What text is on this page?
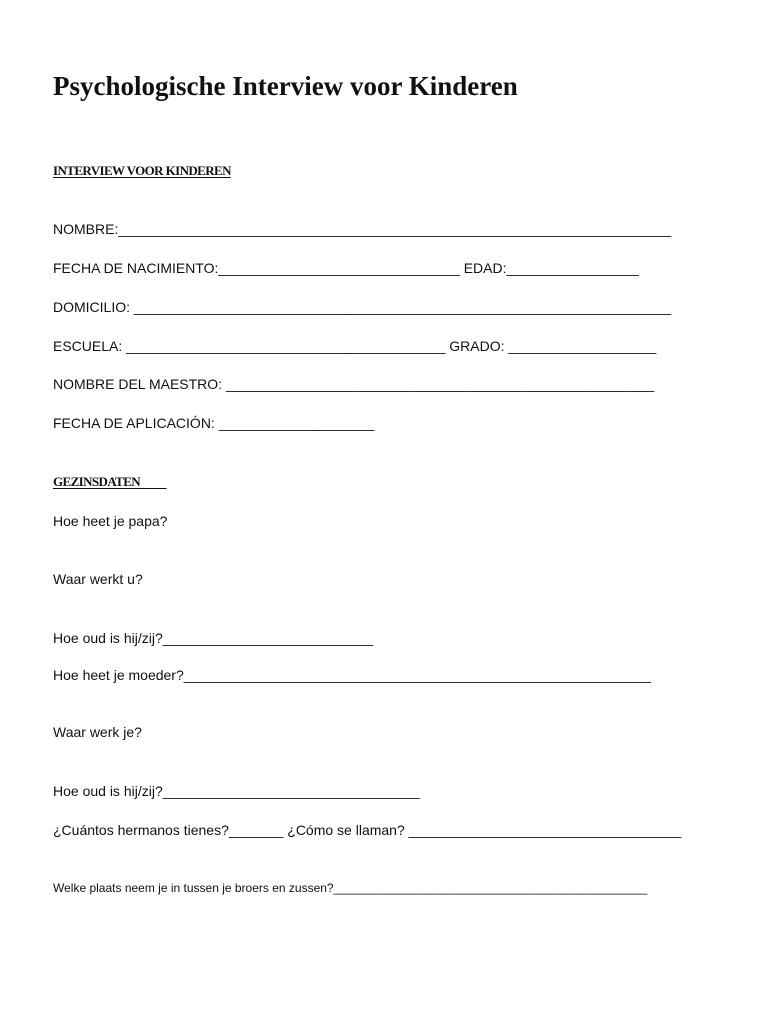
Psychologische Interview voor Kinderen
INTERVIEW VOOR KINDEREN

NOMBRE:_______________________________________________________________________

FECHA DE NACIMIENTO:_______________________________ EDAD:_________________

DOMICILIO: _____________________________________________________________________

ESCUELA: _________________________________________ GRADO: ___________________

NOMBRE DEL MAESTRO: _______________________________________________________

FECHA DE APLICACIÓN: ____________________

GEZINSDATEN

Hoe heet je papa?

Waar werkt u?

Hoe oud is hij/zij?___________________________

Hoe heet je moeder?____________________________________________________________

Waar werk je?

Hoe oud is hij/zij?_________________________________

¿Cuántos hermanos tienes?_______ ¿Cómo se llaman? ___________________________________

Welke plaats neem je in tussen je broers en zussen?_______________________________________________
